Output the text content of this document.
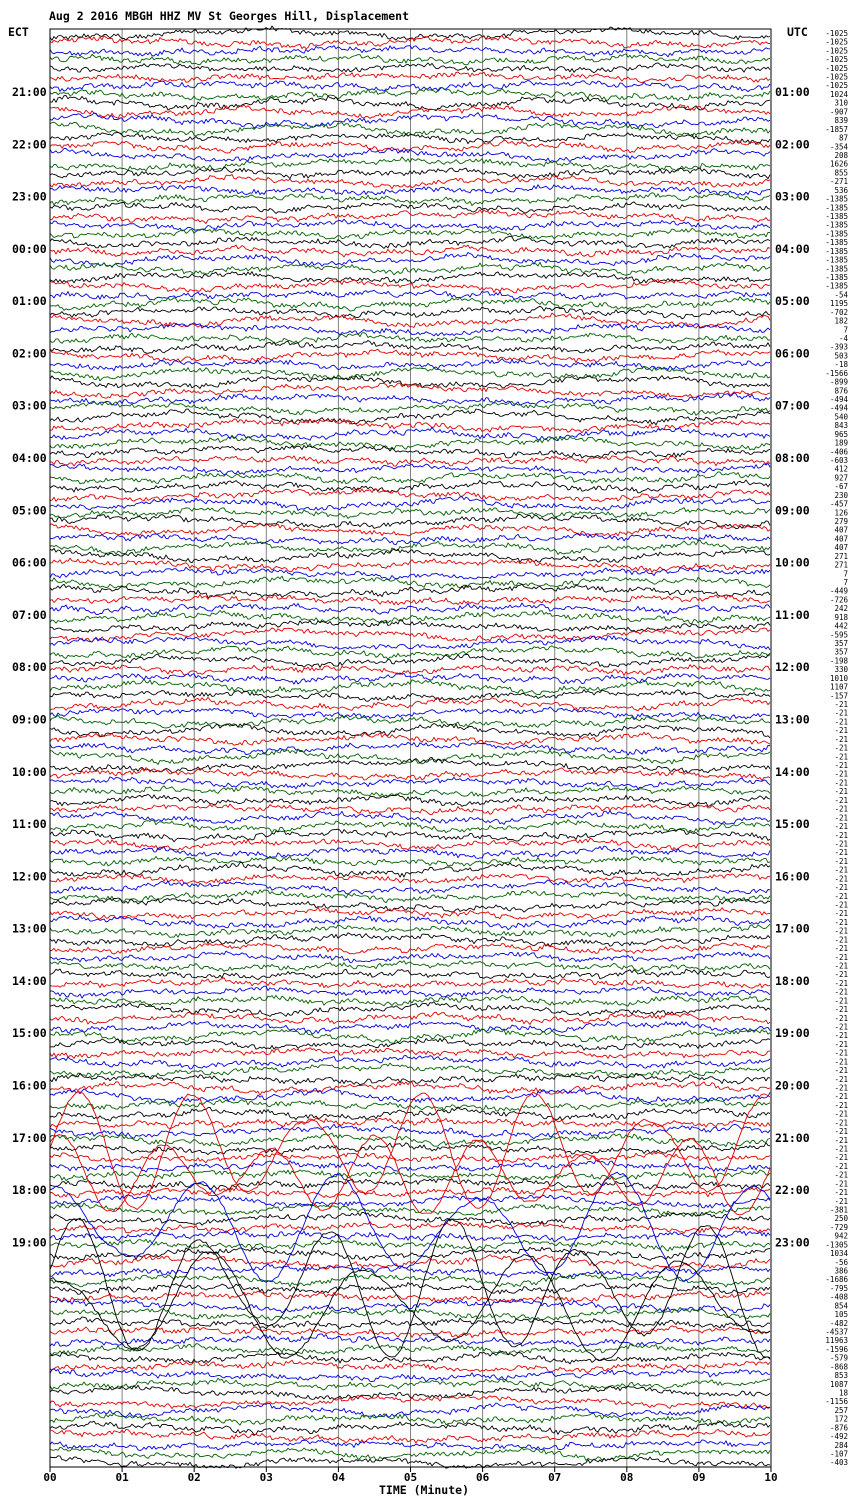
Aug 2 2016 MBGH HHZ MV St Georges Hill, Displacement
ECT	UTC
21:00
22:00
23:00
00:00
01:00
02:00
03:00
04:00
05:00
06:00
07:00
08:00
09:00
10:00
11:00
12:00
13:00
14:00
15:00
16:00
17:00
18:00
19:00
01:00
02:00
03:00
04:00
05:00
06:00
07:00
08:00
09:00
10:00
11:00
12:00
13:00
14:00
15:00
16:00
17:00
18:00
19:00
20:00
21:00
22:00
23:00
-1025
-1025
-1025
-1025
-1025
-1025
-1025
1024
310
-907
839
-1857
87
-354
208
1626
855
-271
536
-1385
-1385
-1385
-1385
-1385
-1385
-1385
-1385
-1385
-1385
-1385
-54
1195
-702
182
7
-4
-393
503
-18
-1566
-899
876
-494
-494
540
843
965
189
-406
-603
412
927
-67
230
-457
126
279
407
407
407
271
271
7
7
-449
-726
242
918
442
-595
357
357
-198
330
1010
1107
-157
-21
-21
-21
-21
-21
-21
-21
-21
-21
-21
-21
-21
-21
-21
-21
-21
-21
-21
-21
-21
-21
-21
-21
-21
-21
-21
-21
-21
-21
-21
-21
-21
-21
-21
-21
-21
-21
-21
-21
-21
-21
-21
-21
-21
-21
-21
-21
-21
-21
-21
-21
-21
-21
-21
-21
-21
-21
-21
-381
250
-729
942
-1305
1034
-56
386
-1686
-795
-408
854
105
-482
-4537
11963
-1596
-579
-868
853
1087
18
-1156
257
172
-876
-492
284
-107
-403
00	01	02	03	04	05	06	07	08	09	10
TIME (Minute)
